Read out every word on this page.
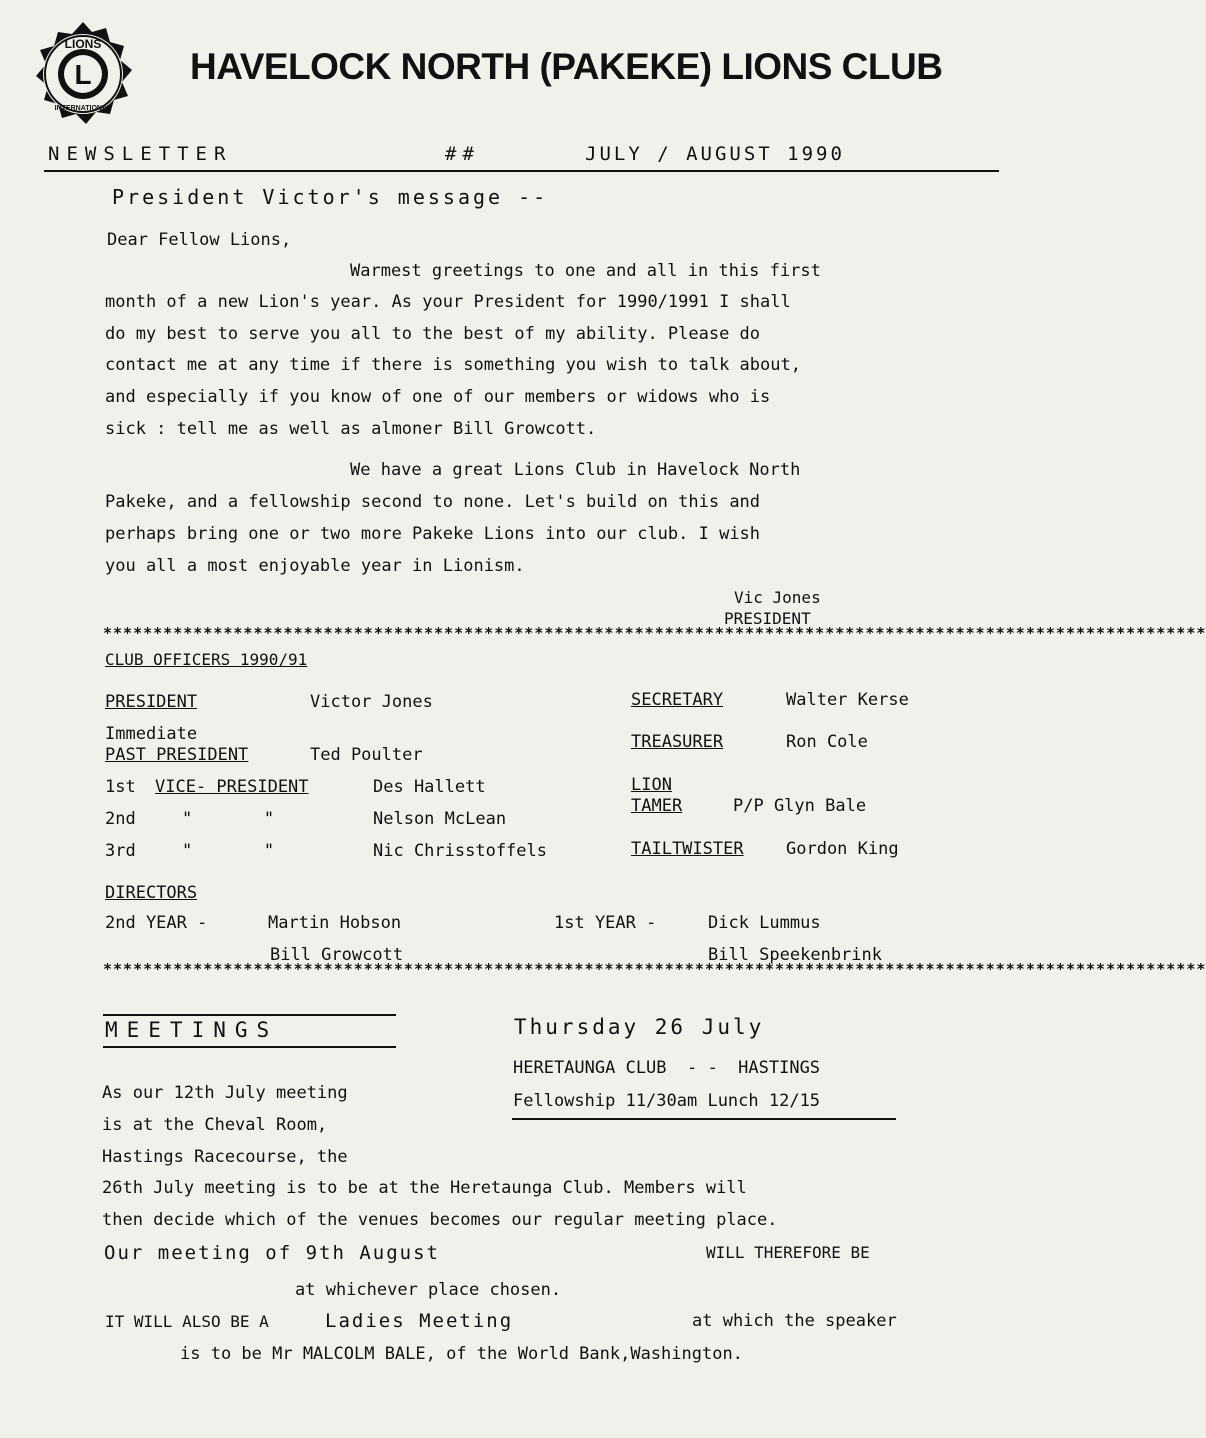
L
LIONS
INTERNATIONAL
HAVELOCK NORTH (PAKEKE) LIONS CLUB
NEWSLETTER	##	JULY / AUGUST 1990
President Victor's message --
Dear Fellow Lions,
Warmest greetings to one and all in this first
month of a new Lion's year. As your President for 1990/1991 I shall
do my best to serve you all to the best of my ability. Please do
contact me at any time if there is something you wish to talk about,
and especially if you know of one of our members or widows who is
sick : tell me as well as almoner Bill Growcott.
We have a great Lions Club in Havelock North
Pakeke, and a fellowship second to none. Let's build on this and
perhaps bring one or two more Pakeke Lions into our club. I wish
you all a most enjoyable year in Lionism.
Vic Jones
PRESIDENT
**************************************************************************************************************
CLUB OFFICERS 1990/91
PRESIDENT	Victor Jones
Immediate
PAST PRESIDENT	Ted Poulter
1st VICE- PRESIDENT	Des Hallett
2nd	"       "	Nelson McLean
3rd	"       "	Nic Chrisstoffels
SECRETARY	Walter Kerse
TREASURER	Ron Cole
LION
TAMER	P/P Glyn Bale
TAILTWISTER Gordon King
DIRECTORS
2nd YEAR -	Martin Hobson
Bill Growcott
1st YEAR -	Dick Lummus
Bill Speekenbrink
**************************************************************************************************************
MEETINGS	Thursday 26 July
HERETAUNGA CLUB  - -  HASTINGS
Fellowship 11/30am Lunch 12/15
As our 12th July meeting
is at the Cheval Room,
Hastings Racecourse, the
26th July meeting is to be at the Heretaunga Club. Members will
then decide which of the venues becomes our regular meeting place.
Our meeting of 9th August	WILL THEREFORE BE
at whichever place chosen.
IT WILL ALSO BE A	Ladies Meeting	at which the speaker
is to be Mr MALCOLM BALE, of the World Bank,Washington.
